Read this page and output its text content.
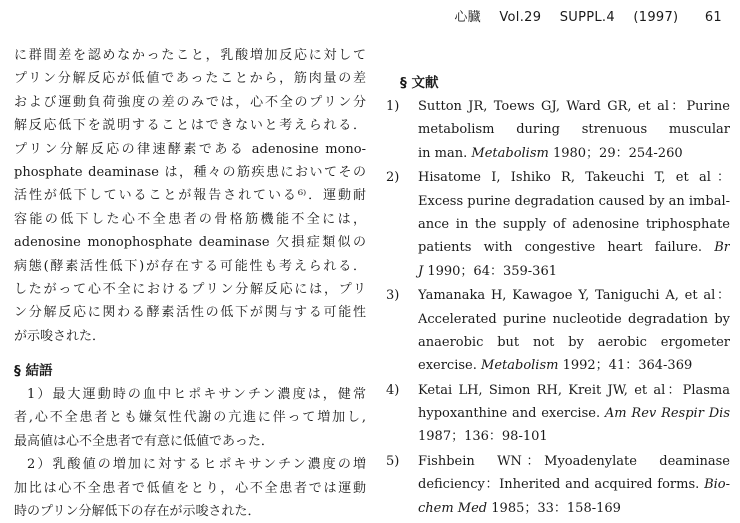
心臓 Vol.29 SUPPL.4 (1997) 61
に群間差を認めなかったこと，乳酸増加反応に対して
プリン分解反応が低値であったことから，筋肉量の差
および運動負荷強度の差のみでは，心不全のプリン分
解反応低下を説明することはできないと考えられる．
プリン分解反応の律速酵素である adenosine mono-
phosphate deaminase は，種々の筋疾患においてその
活性が低下していることが報告されている⁶⁾．運動耐
容能の低下した心不全患者の骨格筋機能不全には，
adenosine monophosphate deaminase 欠損症類似の
病態(酵素活性低下)が存在する可能性も考えられる．
したがって心不全におけるプリン分解反応には，プリ
ン分解反応に関わる酵素活性の低下が関与する可能性
が示唆された．
§ 結語
1）最大運動時の血中ヒポキサンチン濃度は，健常
者,心不全患者とも嫌気性代謝の亢進に伴って増加し,
最高値は心不全患者で有意に低値であった．
2）乳酸値の増加に対するヒポキサンチン濃度の増
加比は心不全患者で低値をとり，心不全患者では運動
時のプリン分解低下の存在が示唆された．
§ 文献
1)	Sutton JR, Toews GJ, Ward GR, et al：Purine
metabolism during strenuous muscular
in man. Metabolism 1980；29：254-260
2)	Hisatome I, Ishiko R, Takeuchi T, et al：
Excess purine degradation caused by an imbal-
ance in the supply of adenosine triphosphate
patients with congestive heart failure. Br
J 1990；64：359-361
3)	Yamanaka H, Kawagoe Y, Taniguchi A, et al：
Accelerated purine nucleotide degradation by
anaerobic but not by aerobic ergometer
exercise. Metabolism 1992；41：364-369
4)	Ketai LH, Simon RH, Kreit JW, et al：Plasma
hypoxanthine and exercise. Am Rev Respir Dis
1987；136：98-101
5)	Fishbein　WN：Myoadenylate　deaminase
deficiency：Inherited and acquired forms. Bio-
chem Med 1985；33：158-169
